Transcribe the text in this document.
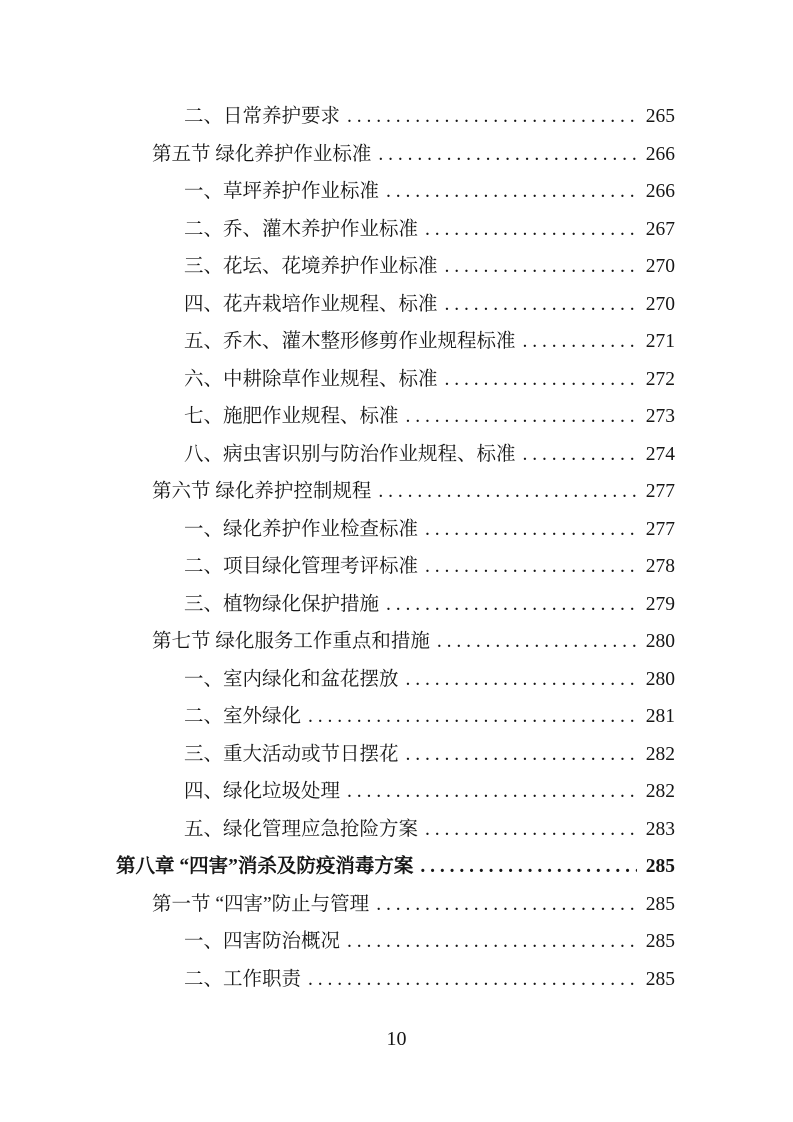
二、日常养护要求 . . .	265
第五节 绿化养护作业标准 . . .	266
一、草坪养护作业标准 . . .	266
二、乔、灌木养护作业标准 . . .	267
三、花坛、花境养护作业标准 . . .	270
四、花卉栽培作业规程、标准 . . .	270
五、乔木、灌木整形修剪作业规程标准 . . .	271
六、中耕除草作业规程、标准 . . .	272
七、施肥作业规程、标准 . . .	273
八、病虫害识别与防治作业规程、标准 . . .	274
第六节 绿化养护控制规程 . . .	277
一、绿化养护作业检查标准 . . .	277
二、项目绿化管理考评标准 . . .	278
三、植物绿化保护措施 . . .	279
第七节 绿化服务工作重点和措施 . . .	280
一、室内绿化和盆花摆放 . . .	280
二、室外绿化 . . .	281
三、重大活动或节日摆花 . . .	282
四、绿化垃圾处理 . . .	282
五、绿化管理应急抢险方案 . . .	283
第八章 “四害”消杀及防疫消毒方案 . . .	285
第一节 “四害”防止与管理 . . .	285
一、四害防治概况 . . .	285
二、工作职责 . . .	285
10
